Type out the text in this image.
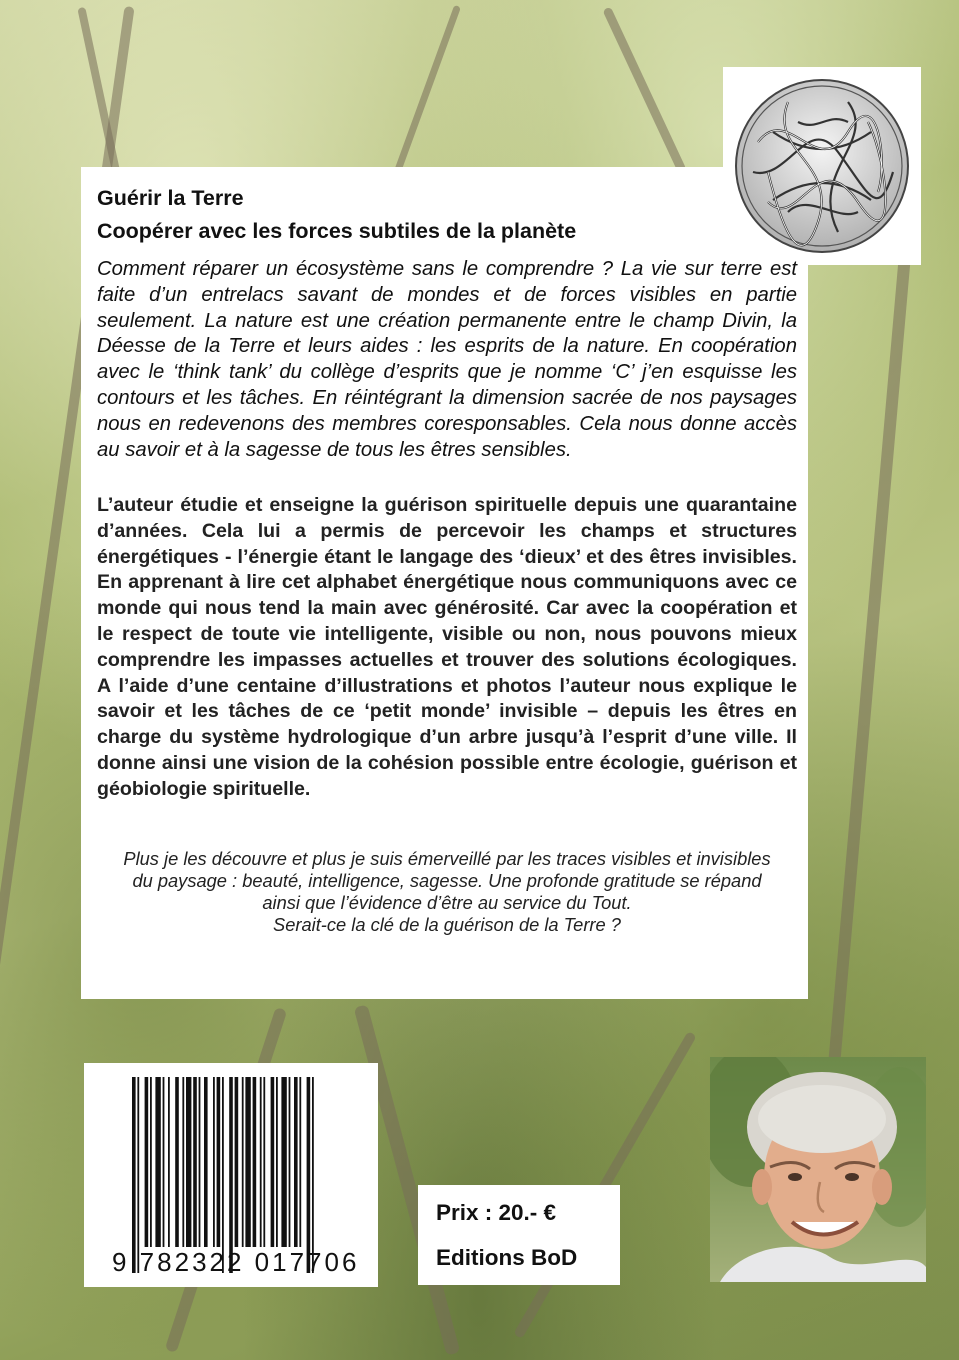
Guérir la Terre
Coopérer avec les forces subtiles de la planète

Comment réparer un écosystème sans le comprendre ? La vie sur terre est faite d’un entrelacs savant de mondes et de forces visibles en partie seulement. La nature est une création permanente entre le champ Divin, la Déesse de la Terre et leurs aides : les esprits de la nature. En coopération avec le ‘think tank’ du collège d’esprits que je nomme ‘C’ j’en esquisse les contours et les tâches. En réintégrant la dimension sacrée de nos paysages nous en redevenons des membres coresponsables. Cela nous donne accès au savoir et à la sagesse de tous les êtres sensibles.

L’auteur étudie et enseigne la guérison spirituelle depuis une quarantaine d’années. Cela lui a permis de percevoir les champs et structures énergétiques - l’énergie étant le langage des ‘dieux’ et des êtres invisibles. En apprenant à lire cet alphabet énergétique nous communiquons avec ce monde qui nous tend la main avec générosité. Car avec la coopération et le respect de toute vie intelligente, visible ou non, nous pouvons mieux comprendre les impasses actuelles et trouver des solutions écologiques. A l’aide d’une centaine d’illustrations et photos l’auteur nous explique le savoir et les tâches de ce ‘petit monde’ invisible – depuis les êtres en charge du système hydrologique d’un arbre jusqu’à l’esprit d’une ville. Il donne ainsi une vision de la cohésion possible entre écologie, guérison et géobiologie spirituelle.

Plus je les découvre et plus je suis émerveillé par les traces visibles et invisibles

du paysage : beauté, intelligence, sagesse. Une profonde gratitude se répand

ainsi que l’évidence d’être au service du Tout.

Serait-ce la clé de la guérison de la Terre ?

9 782322 017706
Prix : 20.- €
Editions BoD
